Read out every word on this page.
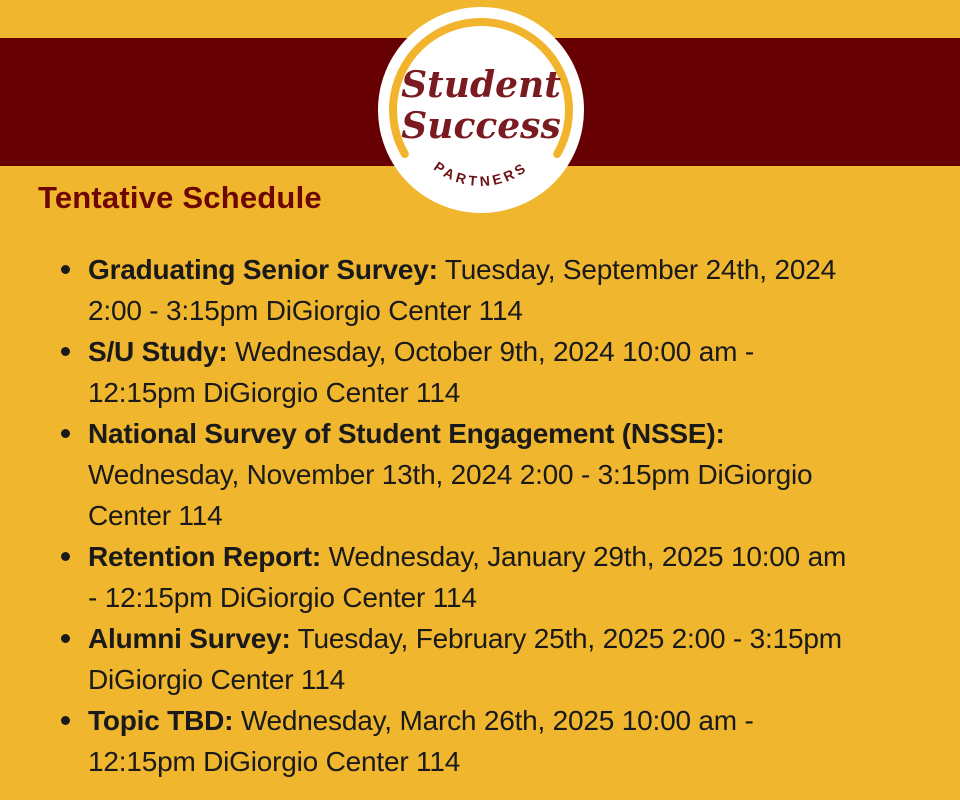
Student
Success
PARTNERS
Tentative Schedule
Graduating Senior Survey: Tuesday, September 24th, 2024 2:00 - 3:15pm DiGiorgio Center 114
S/U Study: Wednesday, October 9th, 2024 10:00 am - 12:15pm DiGiorgio Center 114
National Survey of Student Engagement (NSSE): Wednesday, November 13th, 2024 2:00 - 3:15pm DiGiorgio Center 114
Retention Report: Wednesday, January 29th, 2025 10:00 am - 12:15pm DiGiorgio Center 114
Alumni Survey: Tuesday, February 25th, 2025 2:00 - 3:15pm DiGiorgio Center 114
Topic TBD: Wednesday, March 26th, 2025 10:00 am - 12:15pm DiGiorgio Center 114
